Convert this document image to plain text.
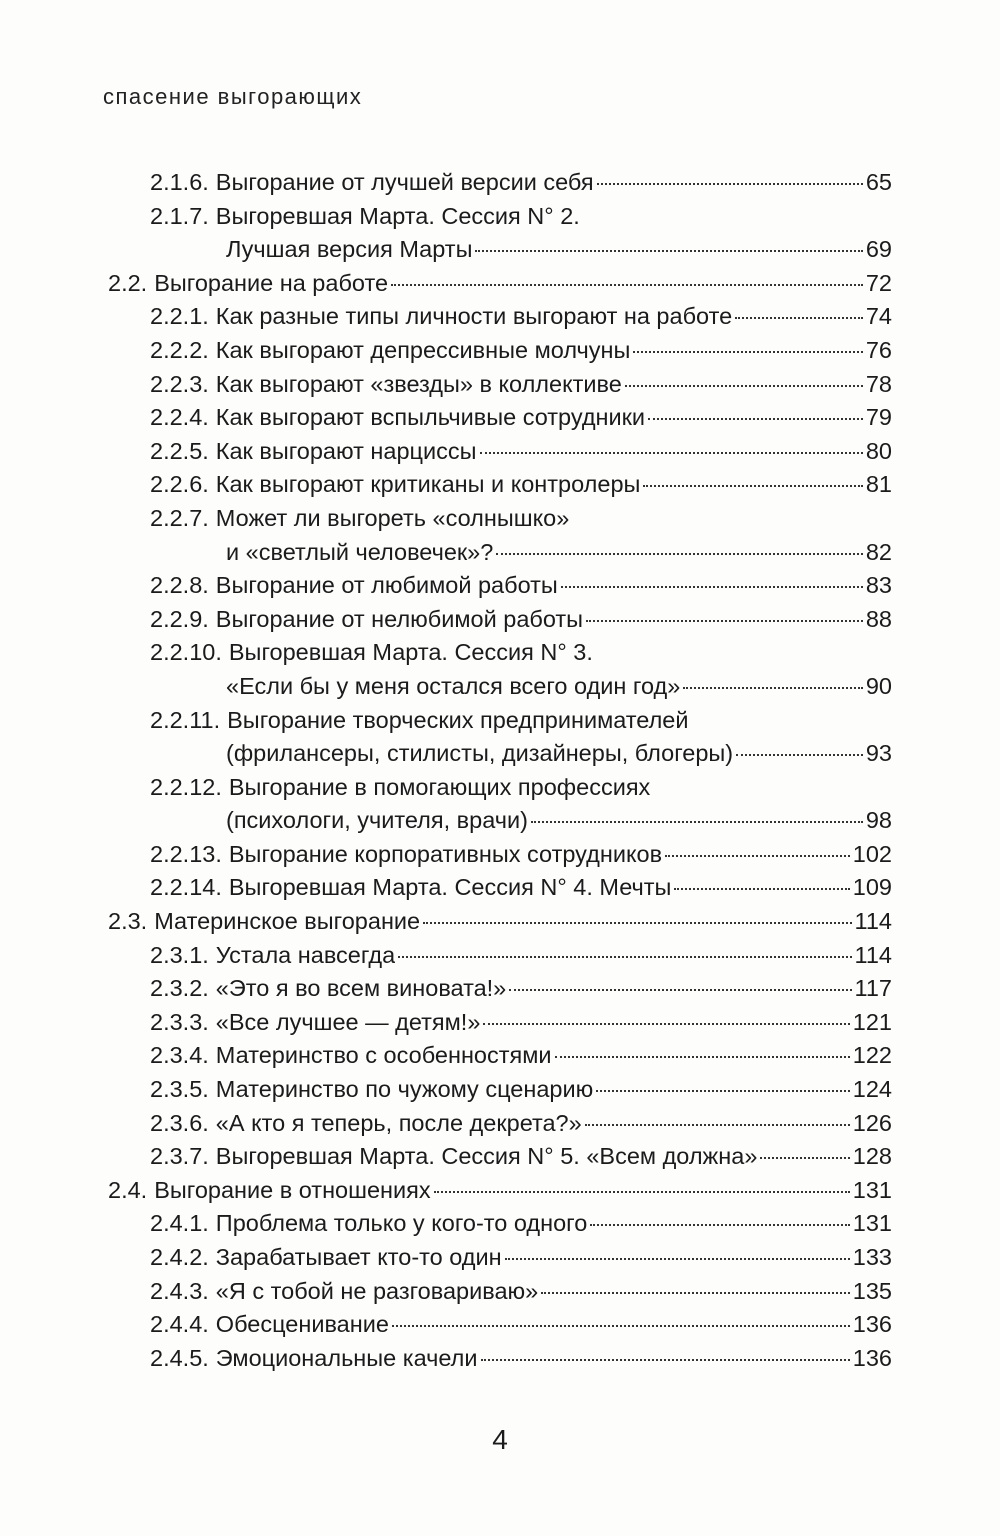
спасение выгорающих
2.1.6. Выгорание от лучшей версии себя	65
2.1.7. Выгоревшая Марта. Сессия N° 2.
Лучшая версия Марты	69
2.2. Выгорание на работе	72
2.2.1. Как разные типы личности выгорают на работе	74
2.2.2. Как выгорают депрессивные молчуны	76
2.2.3. Как выгорают «звезды» в коллективе	78
2.2.4. Как выгорают вспыльчивые сотрудники	79
2.2.5. Как выгорают нарциссы	80
2.2.6. Как выгорают критиканы и контролеры	81
2.2.7. Может ли выгореть «солнышко»
и «светлый человечек»?	82
2.2.8. Выгорание от любимой работы	83
2.2.9. Выгорание от нелюбимой работы	88
2.2.10. Выгоревшая Марта. Сессия N° 3.
«Если бы у меня остался всего один год»	90
2.2.11. Выгорание творческих предпринимателей
(фрилансеры, стилисты, дизайнеры, блогеры)	93
2.2.12. Выгорание в помогающих профессиях
(психологи, учителя, врачи)	98
2.2.13. Выгорание корпоративных сотрудников	102
2.2.14. Выгоревшая Марта. Сессия N° 4. Мечты	109
2.3. Материнское выгорание	114
2.3.1. Устала навсегда	114
2.3.2. «Это я во всем виновата!»	117
2.3.3. «Все лучшее — детям!»	121
2.3.4. Материнство с особенностями	122
2.3.5. Материнство по чужому сценарию	124
2.3.6. «А кто я теперь, после декрета?»	126
2.3.7. Выгоревшая Марта. Сессия N° 5. «Всем должна»	128
2.4. Выгорание в отношениях	131
2.4.1. Проблема только у кого-то одного	131
2.4.2. Зарабатывает кто-то один	133
2.4.3. «Я с тобой не разговариваю»	135
2.4.4. Обесценивание	136
2.4.5. Эмоциональные качели	136
4
